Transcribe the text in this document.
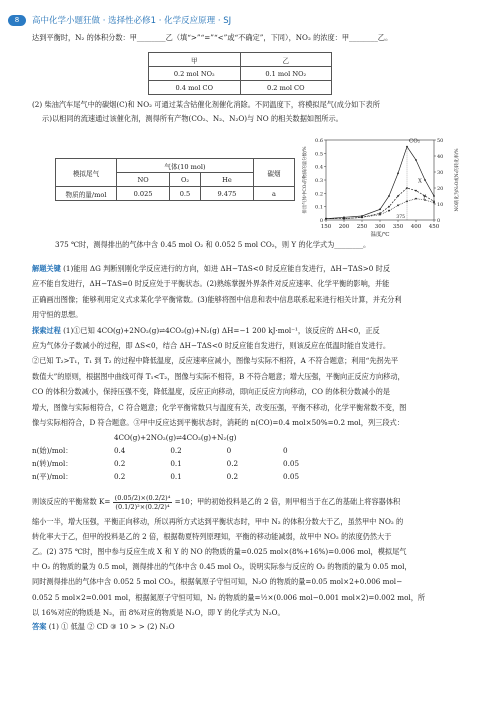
8	高中化学小题狂做 · 选择性必修1 · 化学反应原理 · SJ
达到平衡时，N₂ 的体积分数：甲________乙（填“>”“=”“<”或“不确定”，下同），NO₂ 的浓度：甲________乙。
甲	乙
0.2 mol NO₂	0.1 mol NO₂
0.4 mol CO	0.2 mol CO
(2) 柴油汽车尾气中的碳烟(C)和 NO₂ 可通过某含钴催化剂催化消除。不同温度下，将模拟尾气(成分如下表所
示)以相同的流速通过该催化剂，测得所有产物(CO₂、N₂、N₂O)与 NO 的相关数据如图所示。
模拟尾气	气体(10 mol)			碳烟
	NO	O₂	He	
物质的量/mol	0.025	0.5	9.475	a
150 200 250 300 350 400 450
0
0.1
0.2
0.3
0.4
0.5
0.6
0
10
20
30
40
50
CO₂
X
Y
375
温度/℃
排出气体中CO₂的物质的量分数/%	NO转化为N₂O或N₂的转化率/%
375 ℃时，测得排出的气体中含 0.45 mol O₂ 和 0.052 5 mol CO₂，则 Y 的化学式为________。
解题关键 (1)能用 ΔG 判断别刚化学反应进行的方向，如进 ΔH−TΔS<0 时反应能自发进行，ΔH−TΔS>0 时反
应不能自发进行，ΔH−TΔS=0 时反应处于平衡状态。(2)熟练掌握外界条件对反应速率、化学平衡的影响，并能
正确画出图像；能够利用定义式求某化学平衡常数。(3)能够将图中信息和表中信息联系起来进行相关计算，并充分利
用守恒的思想。
探索过程 (1)①已知 4CO(g)+2NO₂(g)⇌4CO₂(g)+N₂(g) ΔH=−1 200 kJ·mol⁻¹，该反应的 ΔH<0，正反
应为气体分子数减小的过程，即 ΔS<0，结合 ΔH−TΔS<0 时反应能自发进行，则该反应在低温时能自发进行。
②已知 T₂>T₁，T₁ 到 T₂ 的过程中降低温度，反应速率应减小，图像与实际不相符，A 不符合题意；利用“先拐先平
数值大”的原则，根据图中曲线可得 T₁<T₂，图像与实际不相符，B 不符合题意；增大压强，平衡向正反应方向移动，
CO 的体积分数减小，保持压强不变，降低温度，反应正向移动，即向正反应方向移动，CO 的体积分数减小的是
增大，图像与实际相符合，C 符合题意；化学平衡常数只与温度有关，改变压强，平衡不移动，化学平衡常数不变，图
像与实际相符合，D 符合题意。③甲中反应达到平衡状态时，消耗的 n(CO)=0.4 mol×50%=0.2 mol，列三段式：
	4CO(g)+2NO₂(g)⇌4CO₂(g)+N₂(g)			
n(始)/mol：	0.4	0.2	0	0
n(转)/mol：	0.2	0.1	0.2	0.05
n(平)/mol：	0.2	0.1	0.2	0.05
则该反应的平衡常数 $K= \frac{\text{(0.05/2)×(0.2/2)⁴}}{\text{(0.1/2)²×(0.2/2)⁴}} =10$；甲的初始投料是乙的 2 倍，则甲相当于在乙的基础上将容器体积
缩小一半，增大压强，平衡正向移动，所以再所方式达到平衡状态时，甲中 N₂ 的体积分数大于乙，虽然甲中 NO₂ 的
转化率大于乙，但甲的投料是乙的 2 倍，根据勒夏特列原理知，平衡的移动能减弱，故甲中 NO₂ 的浓度仍然大于
乙。(2) 375 ℃时，图中参与反应生成 X 和 Y 的 NO 的物质的量=0.025 mol×(8%+16%)=0.006 mol，模拟尾气
中 O₂ 的物质的量为 0.5 mol，测得排出的气体中含 0.45 mol O₂，说明实际参与反应的 O₂ 的物质的量为 0.05 mol，
同时测得排出的气体中含 0.052 5 mol CO₂，根据氧原子守恒可知，N₂O 的物质的量=0.05 mol×2+0.006 mol−
0.052 5 mol×2=0.001 mol，根据氮原子守恒可知，N₂ 的物质的量=½×(0.006 mol−0.001 mol×2)=0.002 mol，所
以 16%对应的物质是 N₂，而 8%对应的物质是 N₂O，即 Y 的化学式为 N₂O。
答案 (1) ① 低温 ② CD ③ 10 > > (2) N₂O
